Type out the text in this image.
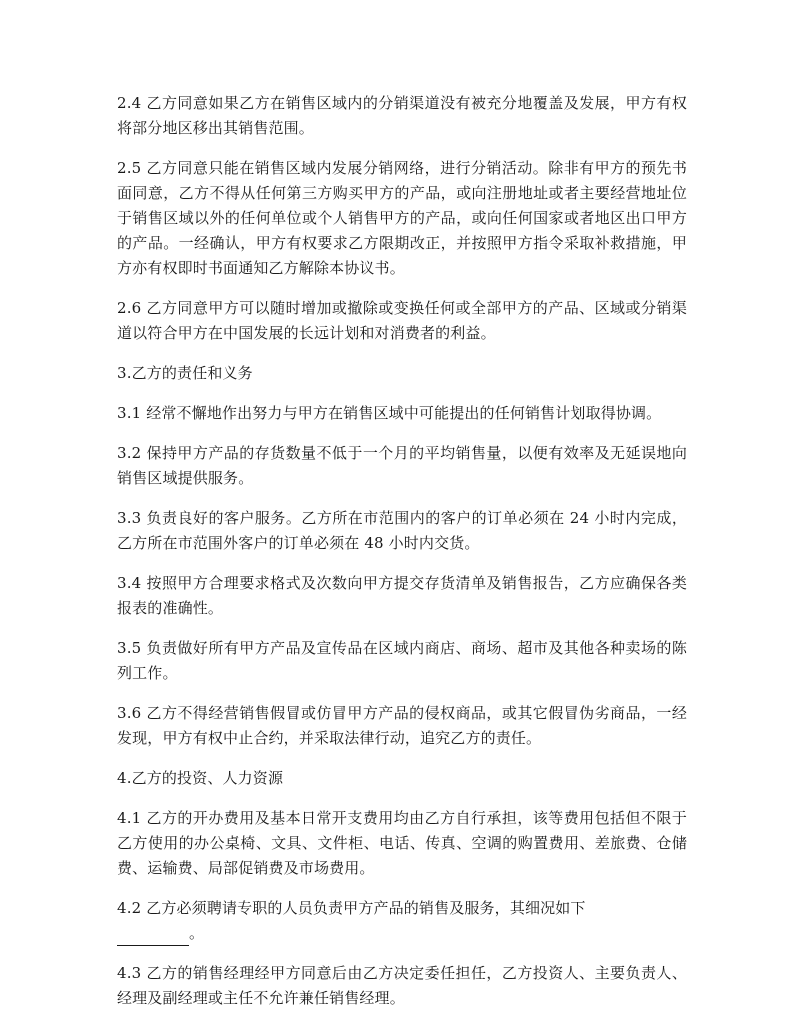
2.4 乙方同意如果乙方在销售区域内的分销渠道没有被充分地覆盖及发展，甲方有权将部分地区移出其销售范围。

2.5 乙方同意只能在销售区域内发展分销网络，进行分销活动。除非有甲方的预先书面同意，乙方不得从任何第三方购买甲方的产品，或向注册地址或者主要经营地址位于销售区域以外的任何单位或个人销售甲方的产品，或向任何国家或者地区出口甲方的产品。一经确认，甲方有权要求乙方限期改正，并按照甲方指令采取补救措施，甲方亦有权即时书面通知乙方解除本协议书。

2.6 乙方同意甲方可以随时增加或撤除或变换任何或全部甲方的产品、区域或分销渠道以符合甲方在中国发展的长远计划和对消费者的利益。

3.乙方的责任和义务

3.1 经常不懈地作出努力与甲方在销售区域中可能提出的任何销售计划取得协调。

3.2 保持甲方产品的存货数量不低于一个月的平均销售量，以便有效率及无延误地向销售区域提供服务。

3.3 负责良好的客户服务。乙方所在市范围内的客户的订单必须在 24 小时内完成，乙方所在市范围外客户的订单必须在 48 小时内交货。

3.4 按照甲方合理要求格式及次数向甲方提交存货清单及销售报告，乙方应确保各类报表的准确性。

3.5 负责做好所有甲方产品及宣传品在区域内商店、商场、超市及其他各种卖场的陈列工作。

3.6 乙方不得经营销售假冒或仿冒甲方产品的侵权商品，或其它假冒伪劣商品，一经发现，甲方有权中止合约，并采取法律行动，追究乙方的责任。

4.乙方的投资、人力资源

4.1 乙方的开办费用及基本日常开支费用均由乙方自行承担，该等费用包括但不限于乙方使用的办公桌椅、文具、文件柜、电话、传真、空调的购置费用、差旅费、仓储费、运输费、局部促销费及市场费用。

4.2 乙方必须聘请专职的人员负责甲方产品的销售及服务，其细况如下
。

4.3 乙方的销售经理经甲方同意后由乙方决定委任担任，乙方投资人、主要负责人、经理及副经理或主任不允许兼任销售经理。
